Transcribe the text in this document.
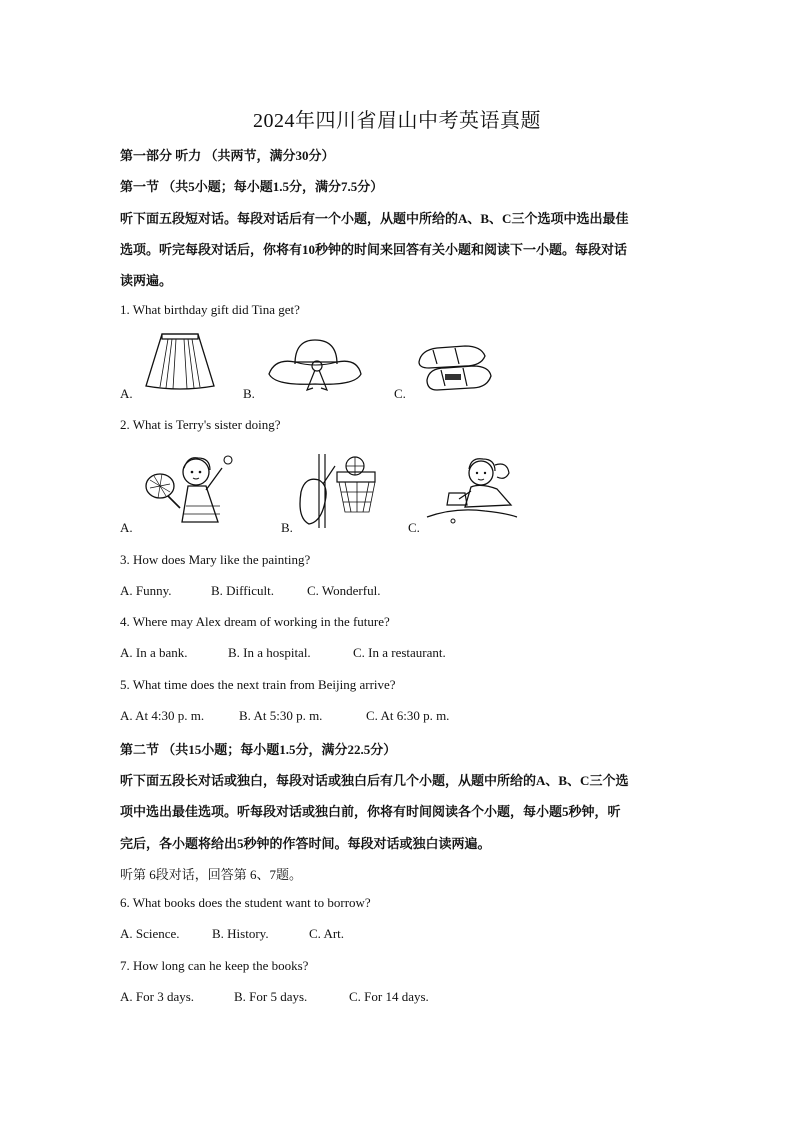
2024年四川省眉山中考英语真题
第一部分 听力 （共两节，满分30分）
第一节 （共5小题；每小题1.5分，满分7.5分）
听下面五段短对话。每段对话后有一个小题，从题中所给的A、B、C三个选项中选出最佳
选项。听完每段对话后，你将有10秒钟的时间来回答有关小题和阅读下一小题。每段对话
读两遍。
1. What birthday gift did Tina get?
A.	B.	C.
2. What is Terry's sister doing?
A.	B.	C.
3. How does Mary like the painting?
A. Funny.	B. Difficult.	C. Wonderful.
4. Where may Alex dream of working in the future?
A. In a bank.	B. In a hospital.	C. In a restaurant.
5. What time does the next train from Beijing arrive?
A. At 4:30 p. m.	B. At 5:30 p. m.	C. At 6:30 p. m.
第二节 （共15小题；每小题1.5分，满分22.5分）
听下面五段长对话或独白，每段对话或独白后有几个小题，从题中所给的A、B、C三个选
项中选出最佳选项。听每段对话或独白前，你将有时间阅读各个小题，每小题5秒钟，听
完后，各小题将给出5秒钟的作答时间。每段对话或独白读两遍。
听第 6段对话，回答第 6、7题。
6. What books does the student want to borrow?
A. Science. B. History.	C. Art.
7. How long can he keep the books?
A. For 3 days.	B. For 5 days.	C. For 14 days.
